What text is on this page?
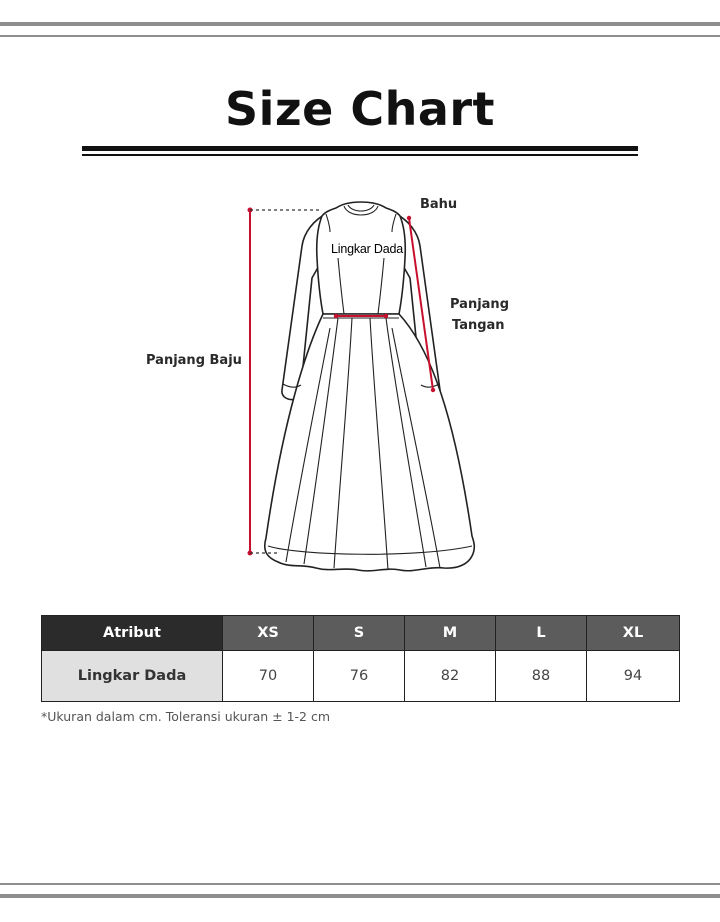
Size Chart
Bahu
Lingkar Dada
Panjang
Tangan
Panjang Baju
Atribut	XS	S	M	L	XL
Lingkar Dada	70	76	82	88	94
*Ukuran dalam cm. Toleransi ukuran ± 1-2 cm
